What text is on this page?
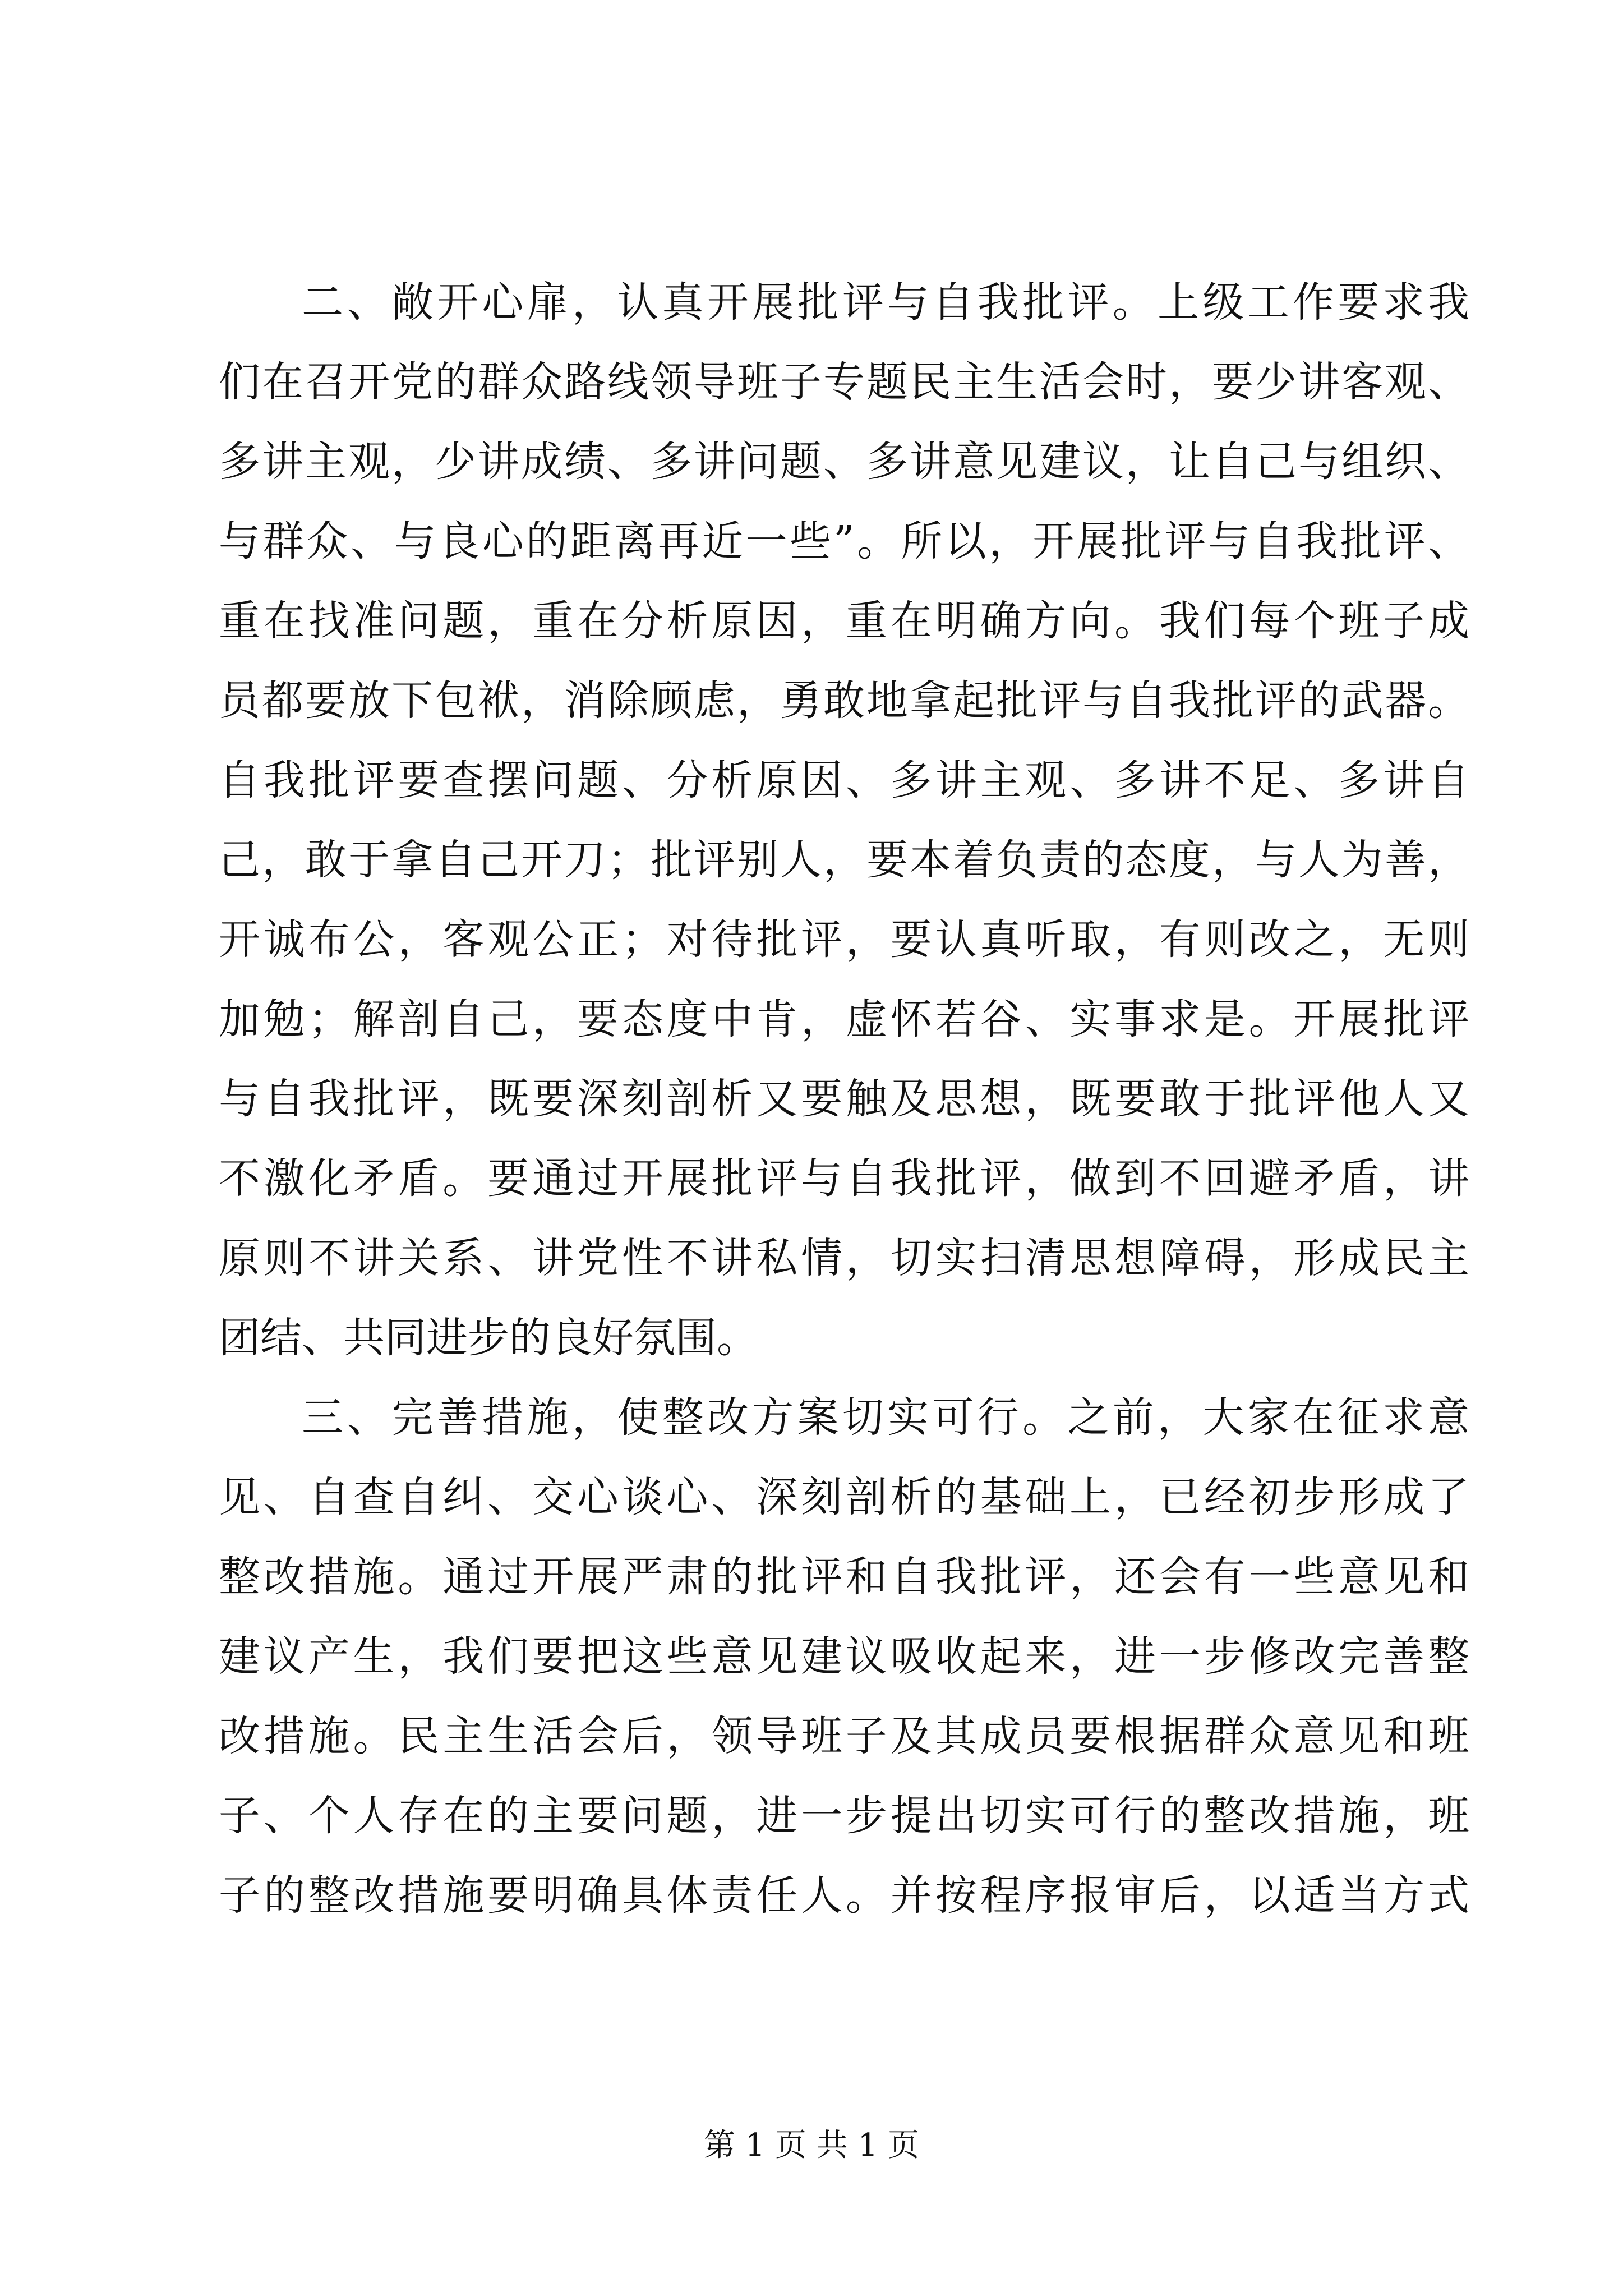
二、敞开心扉，认真开展批评与自我批评。上级工作要求我
们在召开党的群众路线领导班子专题民主生活会时，要少讲客观、
多讲主观，少讲成绩、多讲问题、多讲意见建议，让自己与组织、
与群众、与良心的距离再近一些”。所以，开展批评与自我批评、
重在找准问题，重在分析原因，重在明确方向。我们每个班子成
员都要放下包袱，消除顾虑，勇敢地拿起批评与自我批评的武器。
自我批评要查摆问题、分析原因、多讲主观、多讲不足、多讲自
己，敢于拿自己开刀；批评别人，要本着负责的态度，与人为善，
开诚布公，客观公正；对待批评，要认真听取，有则改之，无则
加勉；解剖自己，要态度中肯，虚怀若谷、实事求是。开展批评
与自我批评，既要深刻剖析又要触及思想，既要敢于批评他人又
不激化矛盾。要通过开展批评与自我批评，做到不回避矛盾，讲
原则不讲关系、讲党性不讲私情，切实扫清思想障碍，形成民主
团结、共同进步的良好氛围。
三、完善措施，使整改方案切实可行。之前，大家在征求意
见、自查自纠、交心谈心、深刻剖析的基础上，已经初步形成了
整改措施。通过开展严肃的批评和自我批评，还会有一些意见和
建议产生，我们要把这些意见建议吸收起来，进一步修改完善整
改措施。民主生活会后，领导班子及其成员要根据群众意见和班
子、个人存在的主要问题，进一步提出切实可行的整改措施，班
子的整改措施要明确具体责任人。并按程序报审后，以适当方式
第 1 页 共 1 页
